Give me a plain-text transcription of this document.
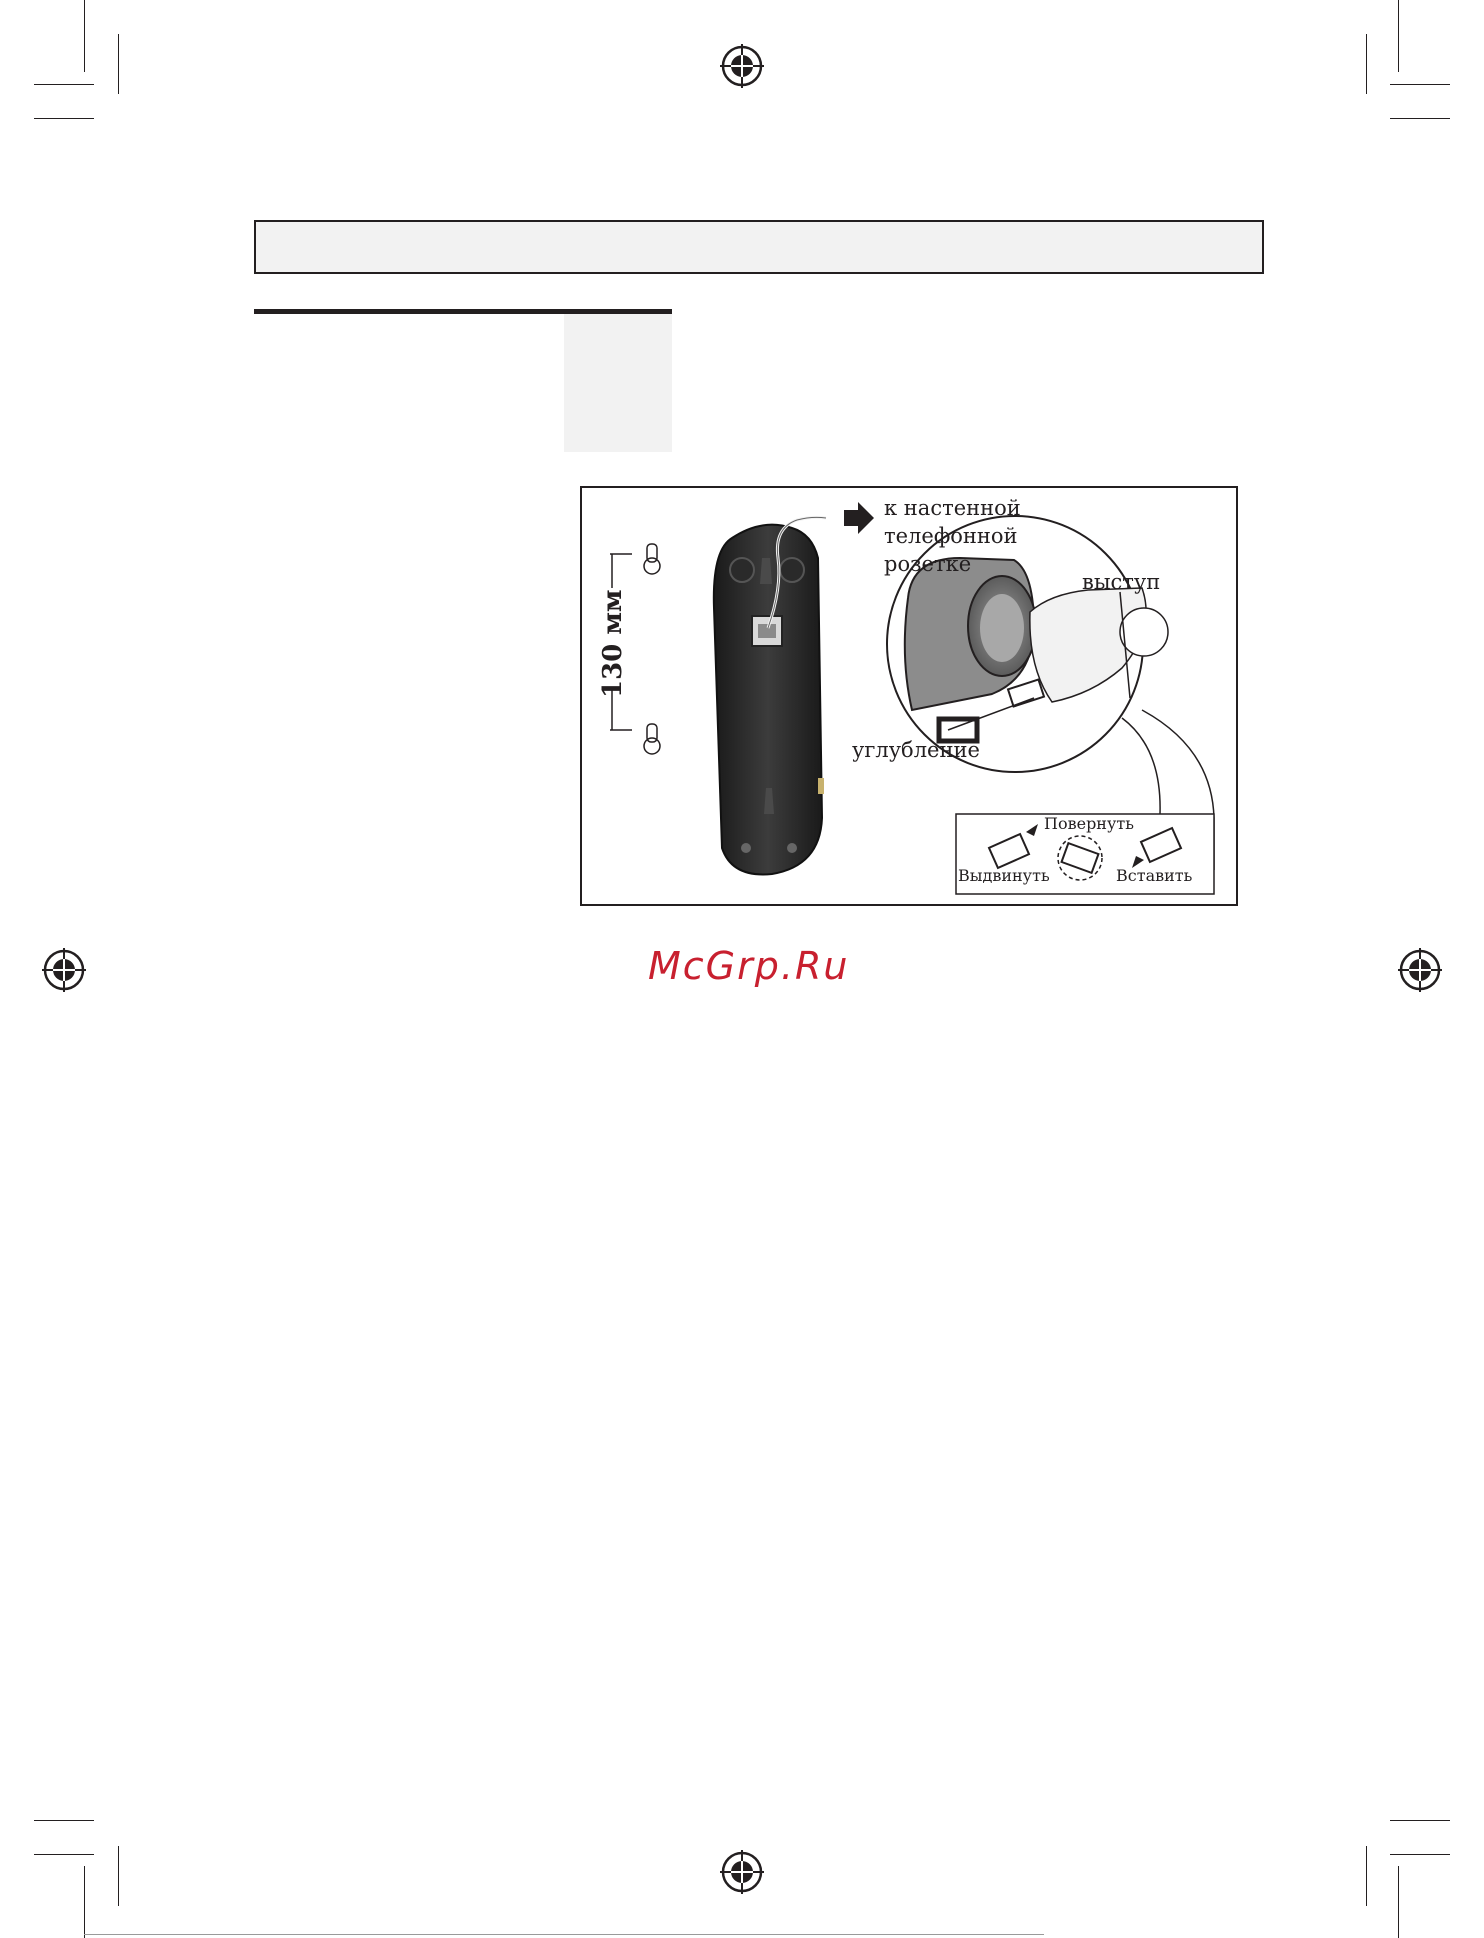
к настенной
телефонной
розетке
выступ
углубление
Повернуть
Выдвинуть	Вставить
130 мм
McGrp.Ru
